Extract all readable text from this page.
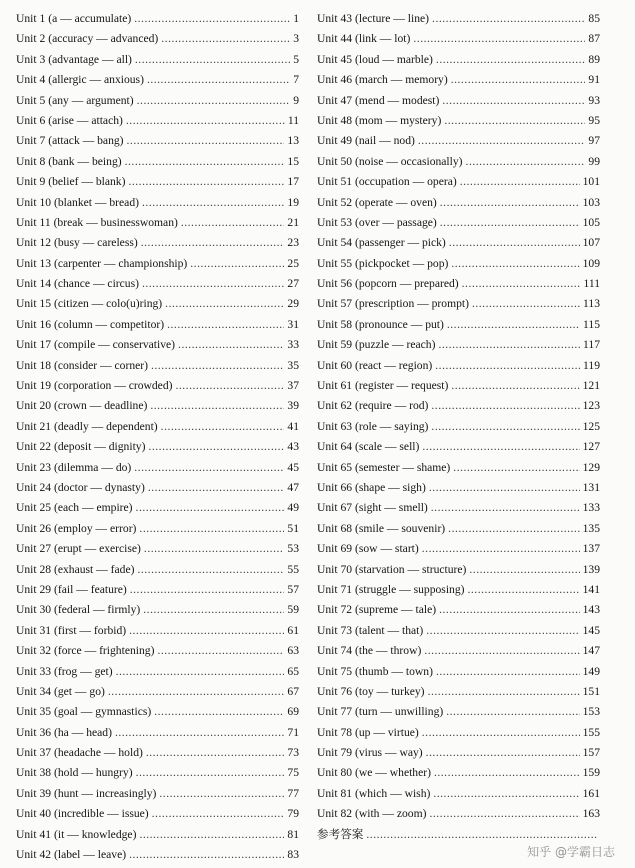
Unit 1 (a — accumulate) .....	1
Unit 2 (accuracy — advanced) .....	3
Unit 3 (advantage — all) .....	5
Unit 4 (allergic — anxious) .....	7
Unit 5 (any — argument) .....	9
Unit 6 (arise — attach) .....	11
Unit 7 (attack — bang) .....	13
Unit 8 (bank — being) .....	15
Unit 9 (belief — blank) .....	17
Unit 10 (blanket — bread) .....	19
Unit 11 (break — businesswoman) .....	21
Unit 12 (busy — careless) .....	23
Unit 13 (carpenter — championship) .....	25
Unit 14 (chance — circus) .....	27
Unit 15 (citizen — colo(u)ring) .....	29
Unit 16 (column — competitor) .....	31
Unit 17 (compile — conservative) .....	33
Unit 18 (consider — corner) .....	35
Unit 19 (corporation — crowded) .....	37
Unit 20 (crown — deadline) .....	39
Unit 21 (deadly — dependent) .....	41
Unit 22 (deposit — dignity) .....	43
Unit 23 (dilemma — do) .....	45
Unit 24 (doctor — dynasty) .....	47
Unit 25 (each — empire) .....	49
Unit 26 (employ — error) .....	51
Unit 27 (erupt — exercise) .....	53
Unit 28 (exhaust — fade) .....	55
Unit 29 (fail — feature) .....	57
Unit 30 (federal — firmly) .....	59
Unit 31 (first — forbid) .....	61
Unit 32 (force — frightening) .....	63
Unit 33 (frog — get) .....	65
Unit 34 (get — go) .....	67
Unit 35 (goal — gymnastics) .....	69
Unit 36 (ha — head) .....	71
Unit 37 (headache — hold) .....	73
Unit 38 (hold — hungry) .....	75
Unit 39 (hunt — increasingly) .....	77
Unit 40 (incredible — issue) .....	79
Unit 41 (it — knowledge) .....	81
Unit 42 (label — leave) .....	83
Unit 43 (lecture — line) .....	85
Unit 44 (link — lot) .....	87
Unit 45 (loud — marble) .....	89
Unit 46 (march — memory) .....	91
Unit 47 (mend — modest) .....	93
Unit 48 (mom — mystery) .....	95
Unit 49 (nail — nod) .....	97
Unit 50 (noise — occasionally) .....	99
Unit 51 (occupation — opera) .....	101
Unit 52 (operate — oven) .....	103
Unit 53 (over — passage) .....	105
Unit 54 (passenger — pick) .....	107
Unit 55 (pickpocket — pop) .....	109
Unit 56 (popcorn — prepared) .....	111
Unit 57 (prescription — prompt) .....	113
Unit 58 (pronounce — put) .....	115
Unit 59 (puzzle — reach) .....	117
Unit 60 (react — region) .....	119
Unit 61 (register — request) .....	121
Unit 62 (require — rod) .....	123
Unit 63 (role — saying) .....	125
Unit 64 (scale — sell) .....	127
Unit 65 (semester — shame) .....	129
Unit 66 (shape — sigh) .....	131
Unit 67 (sight — smell) .....	133
Unit 68 (smile — souvenir) .....	135
Unit 69 (sow — start) .....	137
Unit 70 (starvation — structure) .....	139
Unit 71 (struggle — supposing) .....	141
Unit 72 (supreme — tale) .....	143
Unit 73 (talent — that) .....	145
Unit 74 (the — throw) .....	147
Unit 75 (thumb — town) .....	149
Unit 76 (toy — turkey) .....	151
Unit 77 (turn — unwilling) .....	153
Unit 78 (up — virtue) .....	155
Unit 79 (virus — way) .....	157
Unit 80 (we — whether) .....	159
Unit 81 (which — wish) .....	161
Unit 82 (with — zoom) .....	163
参考答案
.....
知乎 @学霸日志
